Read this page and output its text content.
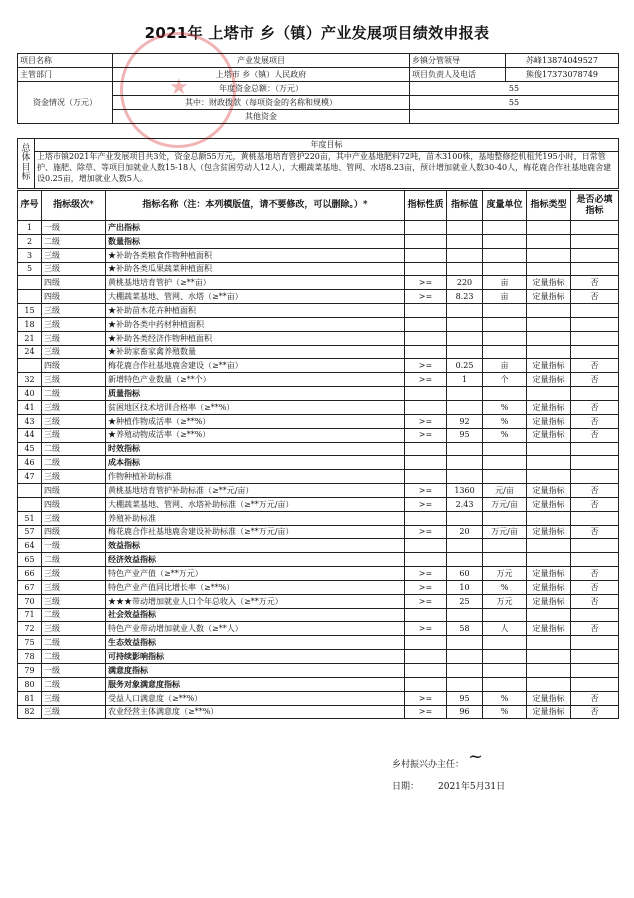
2021年 上塔市 乡（镇）产业发展项目绩效申报表
★
项目名称	产业发展项目	乡镇分管领导	苏峰13874049527
主管部门	上塔市 乡（镇）人民政府	项目负责人及电话	熊俊17373078749
资金情况（万元）	年度资金总额：（万元）	55	
	其中：财政拨款（每项资金的名称和规模）	55	
	其他资金		
总体目标	年度目标
上塔市镇2021年产业发展项目共3处，资金总额55万元，黄桃基地培育管护220亩，其中产业基地肥料72吨，苗木3100株，基地整修挖机租凭195小时，日常管护、施肥、除草、等项目加就业人数15-18人（包含贫困劳动人12人），大棚蔬菜基地、管网、水塔8.23亩，预计增加就业人数30-40人，梅花鹿合作社基地鹿舍建设0.25亩，增加就业人数5人。
序号	指标级次*	指标名称（注：本列模版值，请不要修改，可以删除。）*	指标性质	指标值	度量单位	指标类型	是否必填指标
1	一级	产出指标					
2	二级	数量指标					
3	三级	★补助各类粮食作物种植面积					
5	三级	★补助各类瓜果蔬菜种植面积					
	四级	黄桃基地培育管护（≥**亩）	>=	220	亩	定量指标	否
	四级	大棚蔬菜基地、管网、水塔（≥**亩）	>=	8.23	亩	定量指标	否
15	三级	★补助苗木花卉种植面积					
18	三级	★补助各类中药材种植面积					
21	三级	★补助各类经济作物种植面积					
24	三级	★补助家畜家禽养殖数量					
	四级	梅花鹿合作社基地鹿舍建设（≥**亩）	>=	0.25	亩	定量指标	否
32	三级	新增特色产业数量（≥**个）	>=	1	个	定量指标	否
40	二级	质量指标					
41	三级	贫困地区技术培训合格率（≥**%）			%	定量指标	否
43	三级	★种植作物成活率（≥**%）	>=	92	%	定量指标	否
44	三级	★养殖动物成活率（≥**%）	>=	95	%	定量指标	否
45	二级	时效指标					
46	二级	成本指标					
47	三级	作物种植补助标准					
	四级	黄桃基地培育管护补助标准（≥**元/亩）	>=	1360	元/亩	定量指标	否
	四级	大棚蔬菜基地、管网、水塔补助标准（≥**万元/亩）	>=	2.43	万元/亩	定量指标	否
51	三级	养殖补助标准					
57	四级	梅花鹿合作社基地鹿舍建设补助标准（≥**万元/亩）	>=	20	万元/亩	定量指标	否
64	一级	效益指标					
65	二级	经济效益指标					
66	三级	特色产业产值（≥**万元）	>=	60	万元	定量指标	否
67	三级	特色产业产值同比增长率（≥**%）	>=	10	%	定量指标	否
70	三级	★★★带动增加就业人口个年总收入（≥**万元）	>=	25	万元	定量指标	否
71	二级	社会效益指标					
72	三级	特色产业带动增加就业人数（≥**人）	>=	58	人	定量指标	否
75	二级	生态效益指标					
78	二级	可持续影响指标					
79	一级	满意度指标					
80	二级	服务对象满意度指标					
81	三级	受益人口满意度（≥**%）	>=	95	%	定量指标	否
82	三级	农业经营主体满意度（≥**%）	>=	96	%	定量指标	否
乡村振兴办主任： ~
日期： 2021年5月31日
